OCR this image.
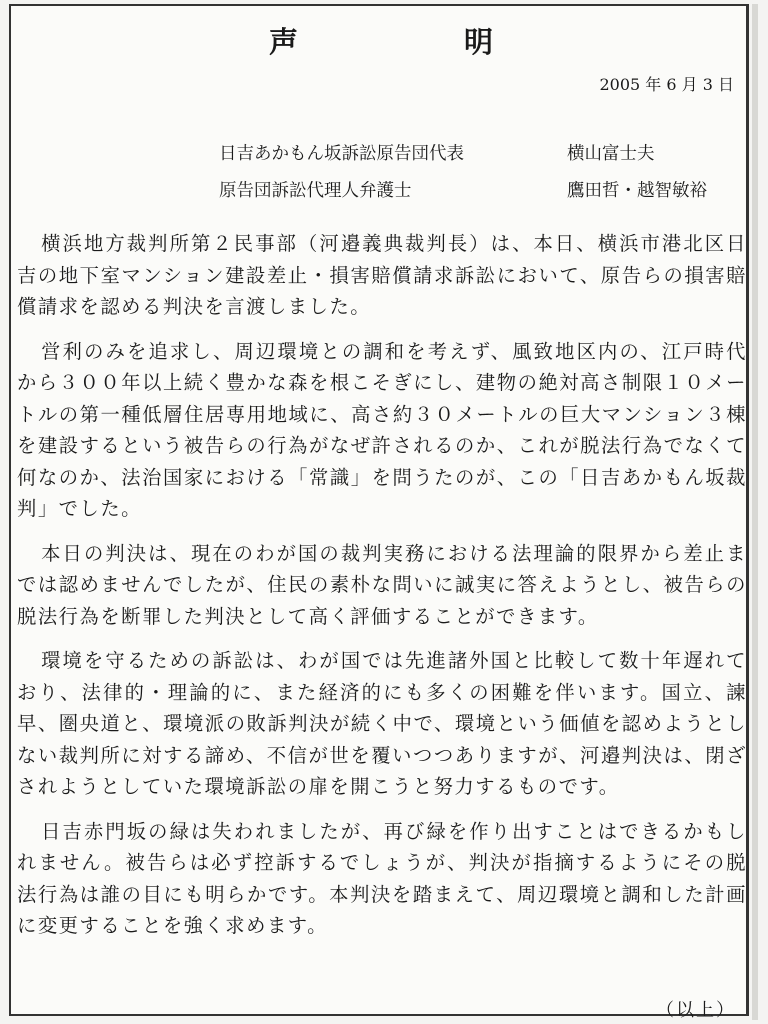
声 明
2005 年 6 月 3 日
日吉あかもん坂訴訟原告団代表	横山富士夫
原告団訴訟代理人弁護士	鷹田哲・越智敏裕

横浜地方裁判所第２民事部（河邉義典裁判長）は、本日、横浜市港北区日吉の地下室マンション建設差止・損害賠償請求訴訟において、原告らの損害賠償請求を認める判決を言渡しました。

営利のみを追求し、周辺環境との調和を考えず、風致地区内の、江戸時代から３００年以上続く豊かな森を根こそぎにし、建物の絶対高さ制限１０メートルの第一種低層住居専用地域に、高さ約３０メートルの巨大マンション３棟を建設するという被告らの行為がなぜ許されるのか、これが脱法行為でなくて何なのか、法治国家における「常識」を問うたのが、この「日吉あかもん坂裁判」でした。

本日の判決は、現在のわが国の裁判実務における法理論的限界から差止までは認めませんでしたが、住民の素朴な問いに誠実に答えようとし、被告らの脱法行為を断罪した判決として高く評価することができます。

環境を守るための訴訟は、わが国では先進諸外国と比較して数十年遅れており、法律的・理論的に、また経済的にも多くの困難を伴います。国立、諫早、圏央道と、環境派の敗訴判決が続く中で、環境という価値を認めようとしない裁判所に対する諦め、不信が世を覆いつつありますが、河邉判決は、閉ざされようとしていた環境訴訟の扉を開こうと努力するものです。

日吉赤門坂の緑は失われましたが、再び緑を作り出すことはできるかもしれません。被告らは必ず控訴するでしょうが、判決が指摘するようにその脱法行為は誰の目にも明らかです。本判決を踏まえて、周辺環境と調和した計画に変更することを強く求めます。

（以上）
